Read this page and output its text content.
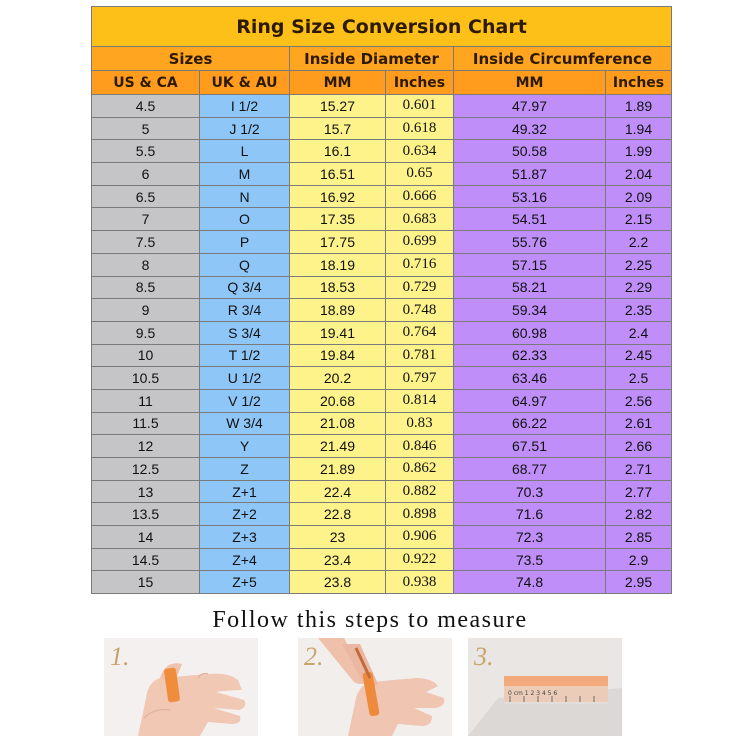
Ring Size Conversion Chart					
Sizes		Inside Diameter		Inside Circumference	
US & CA	UK & AU	MM	Inches	MM	Inches
4.5	I 1/2	15.27	0.601	47.97	1.89
5	J 1/2	15.7	0.618	49.32	1.94
5.5	L	16.1	0.634	50.58	1.99
6	M	16.51	0.65	51.87	2.04
6.5	N	16.92	0.666	53.16	2.09
7	O	17.35	0.683	54.51	2.15
7.5	P	17.75	0.699	55.76	2.2
8	Q	18.19	0.716	57.15	2.25
8.5	Q 3/4	18.53	0.729	58.21	2.29
9	R 3/4	18.89	0.748	59.34	2.35
9.5	S 3/4	19.41	0.764	60.98	2.4
10	T 1/2	19.84	0.781	62.33	2.45
10.5	U 1/2	20.2	0.797	63.46	2.5
11	V 1/2	20.68	0.814	64.97	2.56
11.5	W 3/4	21.08	0.83	66.22	2.61
12	Y	21.49	0.846	67.51	2.66
12.5	Z	21.89	0.862	68.77	2.71
13	Z+1	22.4	0.882	70.3	2.77
13.5	Z+2	22.8	0.898	71.6	2.82
14	Z+3	23	0.906	72.3	2.85
14.5	Z+4	23.4	0.922	73.5	2.9
15	Z+5	23.8	0.938	74.8	2.95
Follow this steps to measure
1.	2.
0 cm 1 2 3 4 5 6
3.
